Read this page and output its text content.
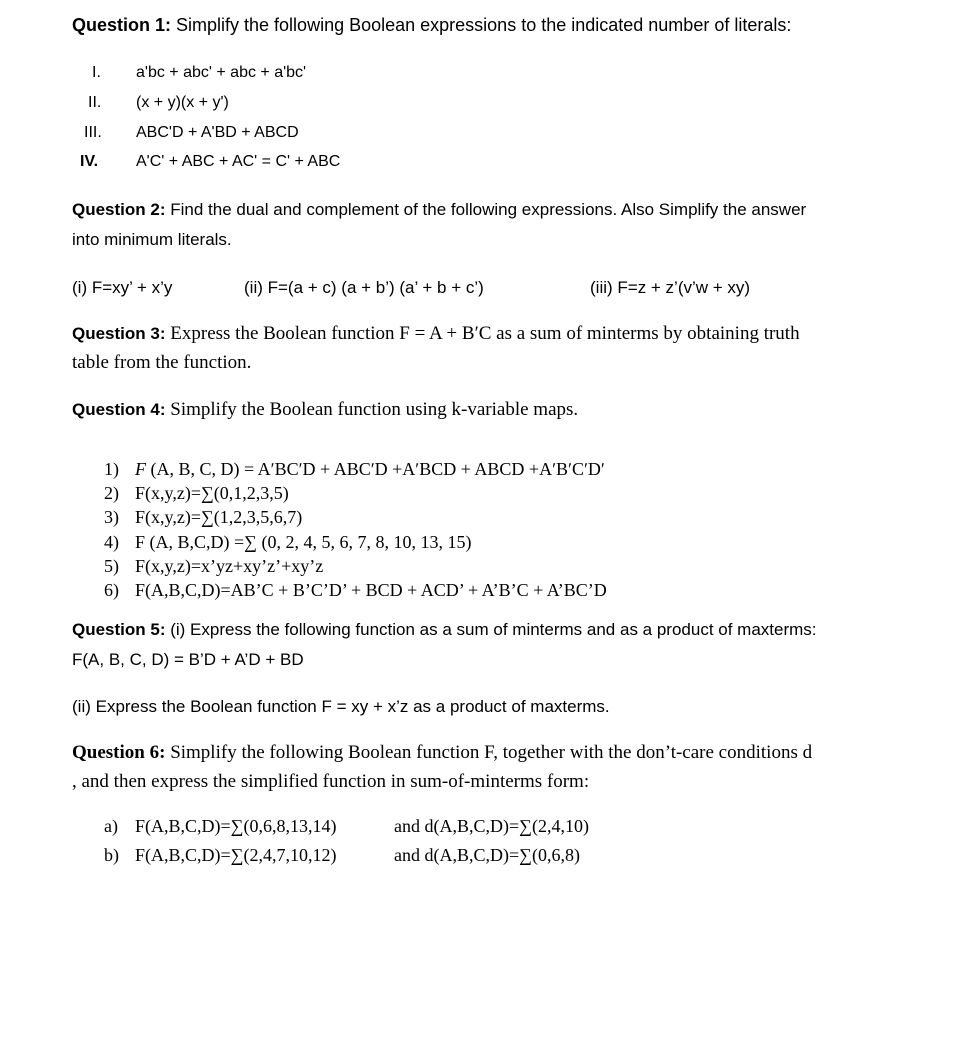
Question 1: Simplify the following Boolean expressions to the indicated number of literals:
I. a'bc + abc' + abc + a'bc'
II. (x + y)(x + y')
III. ABC'D + A'BD + ABCD
IV. A'C' + ABC + AC' = C' + ABC
Question 2: Find the dual and complement of the following expressions. Also Simplify the answer
into minimum literals.
(i) F=xy’ + x’y	(ii) F=(a + c) (a + b’) (a’ + b + c’)	(iii) F=z + z’(v’w + xy)
Question 3: Express the Boolean function F = A + BʹC as a sum of minterms by obtaining truth
table from the function.
Question 4: Simplify the Boolean function using k-variable maps.
1) F (A, B, C, D) = AʹBCʹD + ABCʹD +AʹBCD + ABCD +AʹBʹCʹDʹ
2) F(x,y,z)=∑(0,1,2,3,5)
3) F(x,y,z)=∑(1,2,3,5,6,7)
4) F (A, B,C,D) =∑ (0, 2, 4, 5, 6, 7, 8, 10, 13, 15)
5) F(x,y,z)=x’yz+xy’z’+xy’z
6) F(A,B,C,D)=AB’C + B’C’D’ + BCD + ACD’ + A’B’C + A’BC’D
Question 5: (i) Express the following function as a sum of minterms and as a product of maxterms:
F(A, B, C, D) = B’D + A’D + BD
(ii) Express the Boolean function F = xy + x’z as a product of maxterms.
Question 6: Simplify the following Boolean function F, together with the don’t-care conditions d
, and then express the simplified function in sum-of-minterms form:
a) F(A,B,C,D)=∑(0,6,8,13,14)	and d(A,B,C,D)=∑(2,4,10)
b) F(A,B,C,D)=∑(2,4,7,10,12)	and d(A,B,C,D)=∑(0,6,8)
